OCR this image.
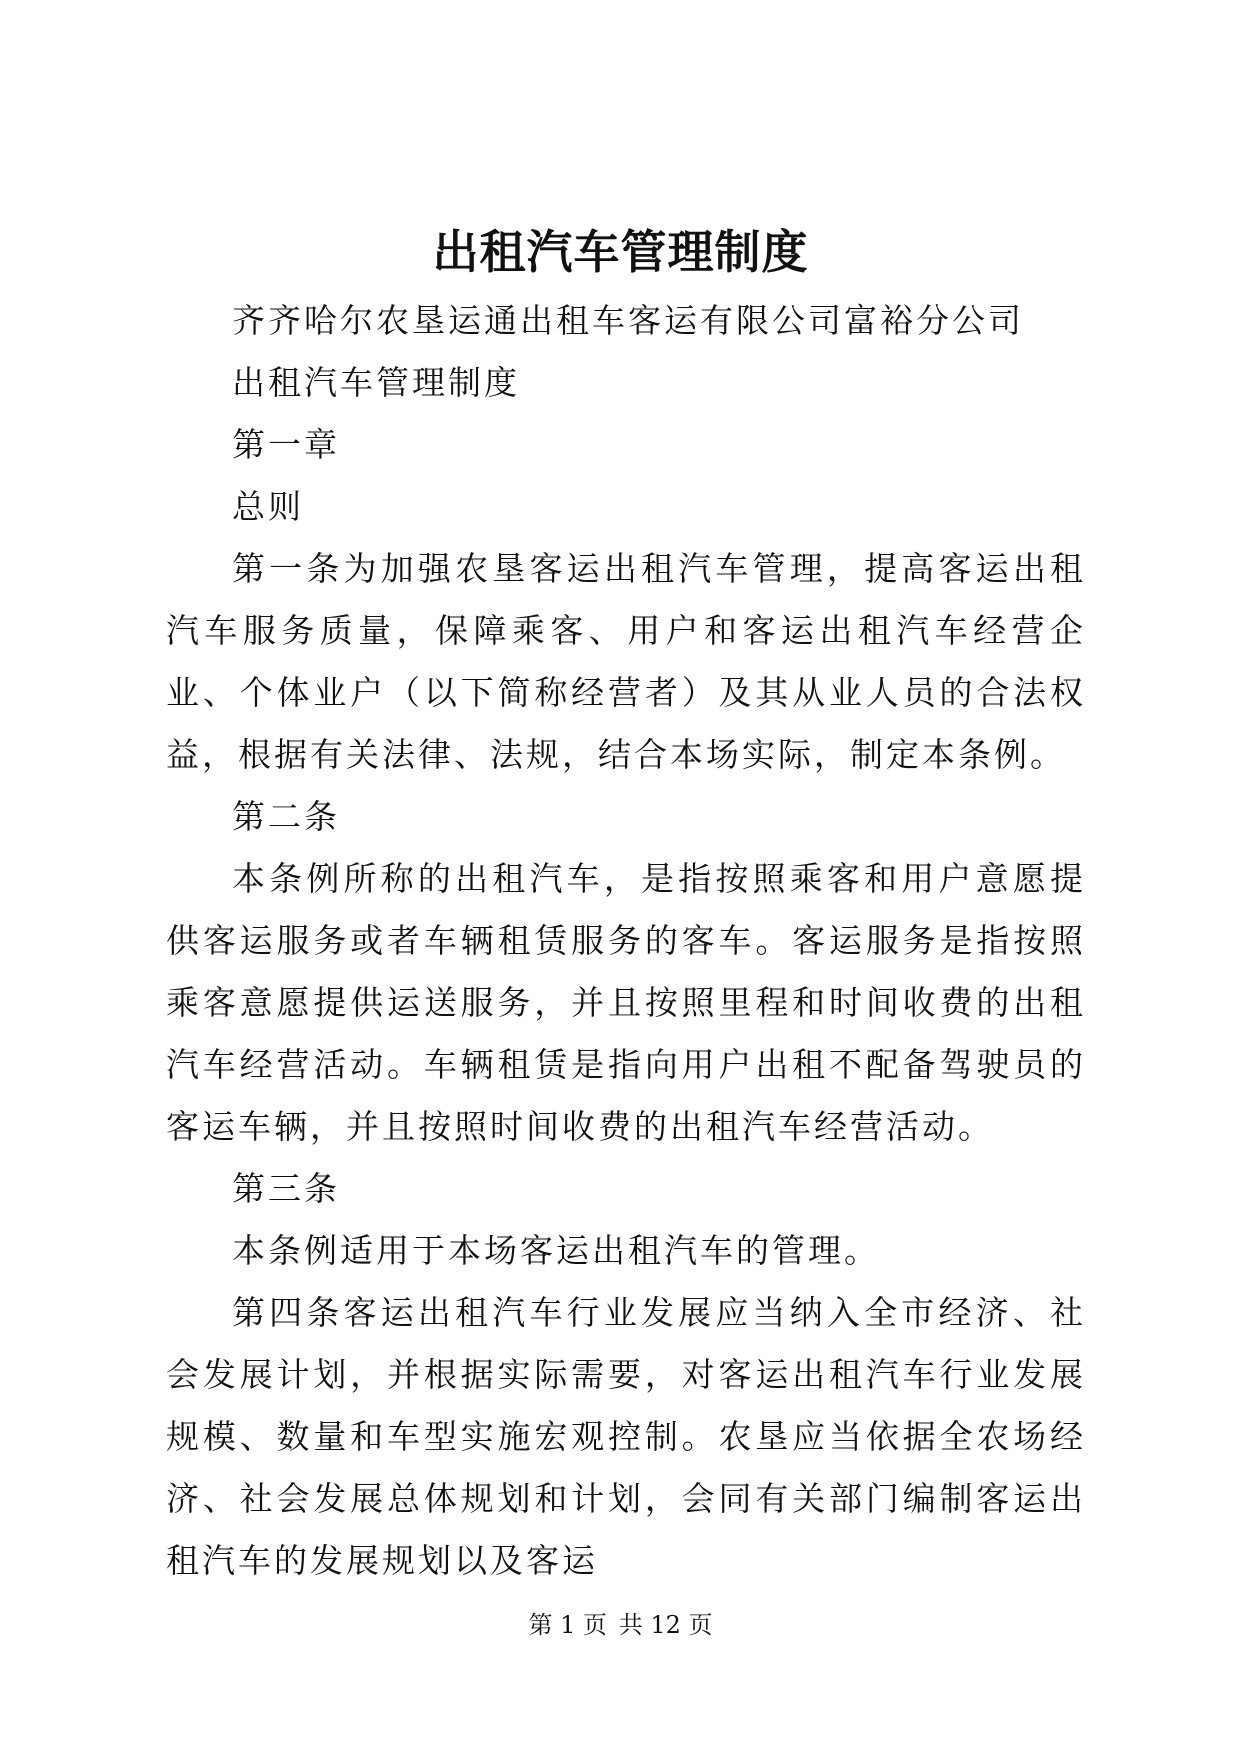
出租汽车管理制度

齐齐哈尔农垦运通出租车客运有限公司富裕分公司

出租汽车管理制度

第一章

总则

第一条为加强农垦客运出租汽车管理，提高客运出租汽车服务质量，保障乘客、用户和客运出租汽车经营企业、个体业户（以下简称经营者）及其从业人员的合法权益，根据有关法律、法规，结合本场实际，制定本条例。

第二条

本条例所称的出租汽车，是指按照乘客和用户意愿提供客运服务或者车辆租赁服务的客车。客运服务是指按照乘客意愿提供运送服务，并且按照里程和时间收费的出租汽车经营活动。车辆租赁是指向用户出租不配备驾驶员的客运车辆，并且按照时间收费的出租汽车经营活动。

第三条

本条例适用于本场客运出租汽车的管理。

第四条客运出租汽车行业发展应当纳入全市经济、社会发展计划，并根据实际需要，对客运出租汽车行业发展规模、数量和车型实施宏观控制。农垦应当依据全农场经济、社会发展总体规划和计划，会同有关部门编制客运出租汽车的发展规划以及客运

第 1 页 共 12 页
